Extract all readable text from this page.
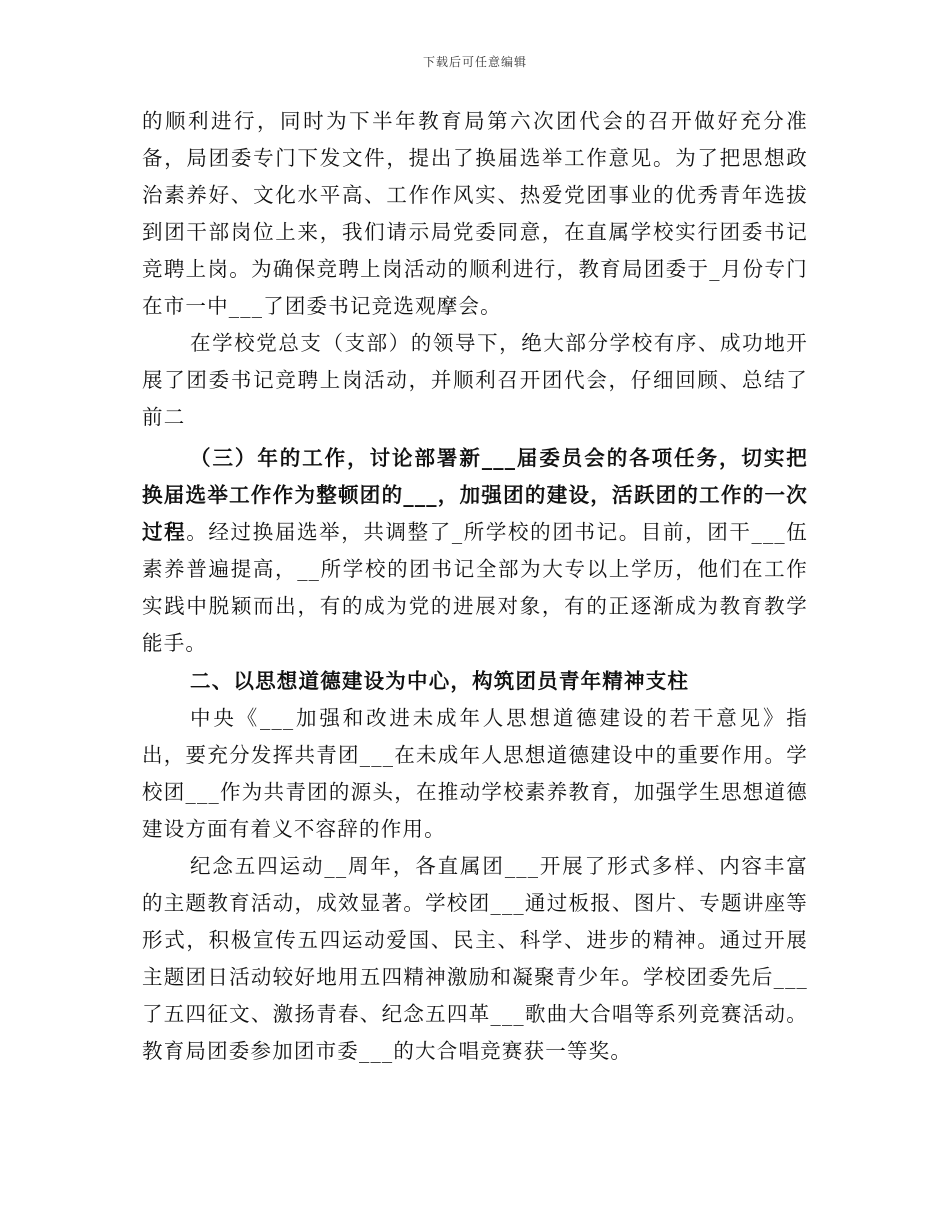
下载后可任意编辑

的顺利进行，同时为下半年教育局第六次团代会的召开做好充分准备，局团委专门下发文件，提出了换届选举工作意见。为了把思想政治素养好、文化水平高、工作作风实、热爱党团事业的优秀青年选拔到团干部岗位上来，我们请示局党委同意，在直属学校实行团委书记竞聘上岗。为确保竞聘上岗活动的顺利进行，教育局团委于_月份专门在市一中___了团委书记竞选观摩会。

在学校党总支（支部）的领导下，绝大部分学校有序、成功地开展了团委书记竞聘上岗活动，并顺利召开团代会，仔细回顾、总结了前二

（三）年的工作，讨论部署新___届委员会的各项任务，切实把换届选举工作作为整顿团的___，加强团的建设，活跃团的工作的一次过程。经过换届选举，共调整了_所学校的团书记。目前，团干___伍素养普遍提高，__所学校的团书记全部为大专以上学历，他们在工作实践中脱颖而出，有的成为党的进展对象，有的正逐渐成为教育教学能手。

二、以思想道德建设为中心，构筑团员青年精神支柱

中央《___加强和改进未成年人思想道德建设的若干意见》指出，要充分发挥共青团___在未成年人思想道德建设中的重要作用。学校团___作为共青团的源头，在推动学校素养教育，加强学生思想道德建设方面有着义不容辞的作用。

纪念五四运动__周年，各直属团___开展了形式多样、内容丰富的主题教育活动，成效显著。学校团___通过板报、图片、专题讲座等形式，积极宣传五四运动爱国、民主、科学、进步的精神。通过开展主题团日活动较好地用五四精神激励和凝聚青少年。学校团委先后___了五四征文、激扬青春、纪念五四革___歌曲大合唱等系列竞赛活动。教育局团委参加团市委___的大合唱竞赛获一等奖。
